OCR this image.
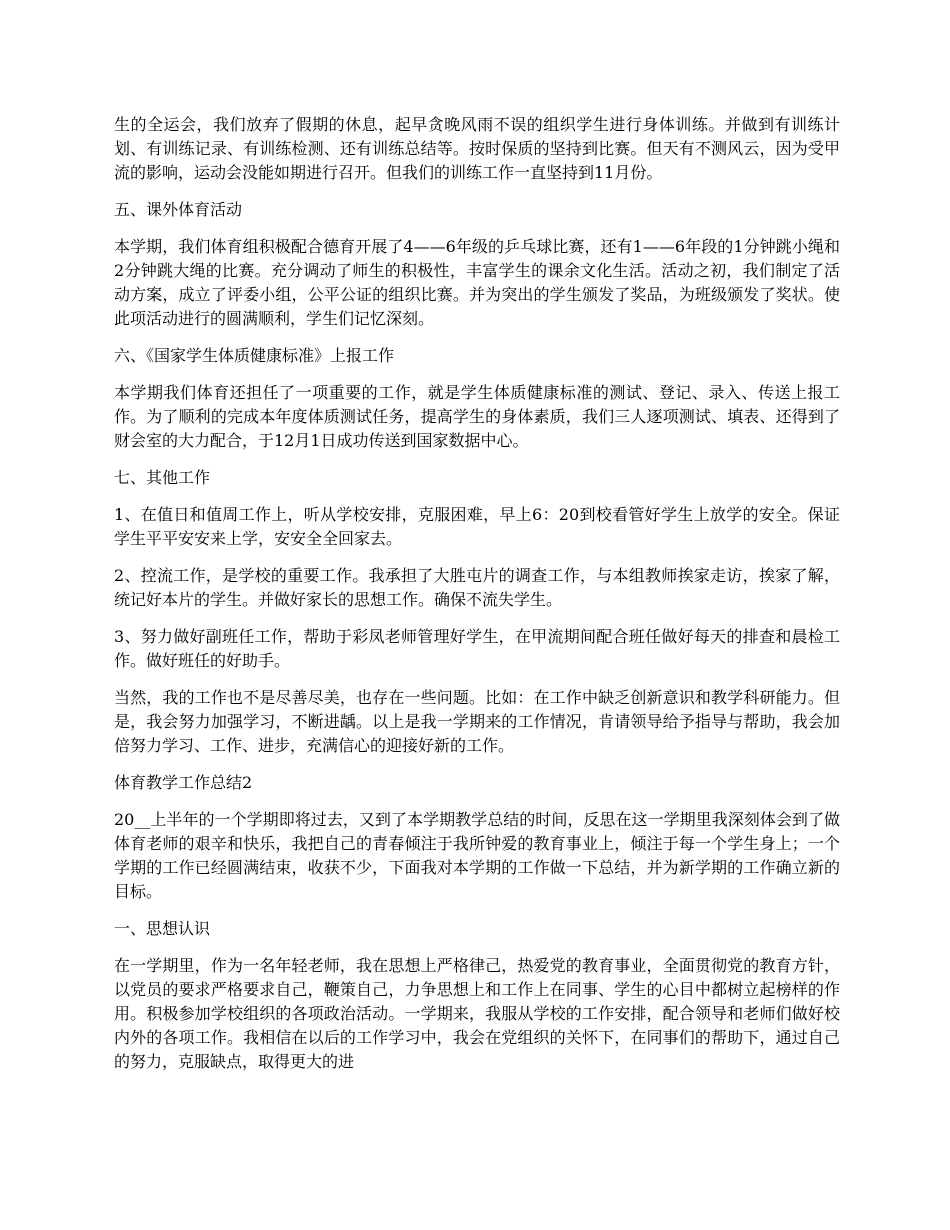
生的全运会，我们放弃了假期的休息，起早贪晚风雨不误的组织学生进行身体训练。并做到有训练计划、有训练记录、有训练检测、还有训练总结等。按时保质的坚持到比赛。但天有不测风云，因为受甲流的影响，运动会没能如期进行召开。但我们的训练工作一直坚持到11月份。

五、课外体育活动

本学期，我们体育组积极配合德育开展了4——6年级的乒乓球比赛，还有1——6年段的1分钟跳小绳和2分钟跳大绳的比赛。充分调动了师生的积极性，丰富学生的课余文化生活。活动之初，我们制定了活动方案，成立了评委小组，公平公证的组织比赛。并为突出的学生颁发了奖品，为班级颁发了奖状。使此项活动进行的圆满顺利，学生们记忆深刻。

六、《国家学生体质健康标准》上报工作

本学期我们体育还担任了一项重要的工作，就是学生体质健康标准的测试、登记、录入、传送上报工作。为了顺利的完成本年度体质测试任务，提高学生的身体素质，我们三人逐项测试、填表、还得到了财会室的大力配合，于12月1日成功传送到国家数据中心。

七、其他工作

1、在值日和值周工作上，听从学校安排，克服困难，早上6：20到校看管好学生上放学的安全。保证学生平平安安来上学，安安全全回家去。

2、控流工作，是学校的重要工作。我承担了大胜屯片的调查工作，与本组教师挨家走访，挨家了解，统记好本片的学生。并做好家长的思想工作。确保不流失学生。

3、努力做好副班任工作，帮助于彩凤老师管理好学生，在甲流期间配合班任做好每天的排查和晨检工作。做好班任的好助手。

当然，我的工作也不是尽善尽美，也存在一些问题。比如：在工作中缺乏创新意识和教学科研能力。但是，我会努力加强学习，不断进龋。以上是我一学期来的工作情况，肯请领导给予指导与帮助，我会加倍努力学习、工作、进步，充满信心的迎接好新的工作。

体育教学工作总结2

20__上半年的一个学期即将过去，又到了本学期教学总结的时间，反思在这一学期里我深刻体会到了做体育老师的艰辛和快乐，我把自己的青春倾注于我所钟爱的教育事业上，倾注于每一个学生身上；一个学期的工作已经圆满结束，收获不少，下面我对本学期的工作做一下总结，并为新学期的工作确立新的目标。

一、思想认识

在一学期里，作为一名年轻老师，我在思想上严格律己，热爱党的教育事业，全面贯彻党的教育方针，以党员的要求严格要求自己，鞭策自己，力争思想上和工作上在同事、学生的心目中都树立起榜样的作用。积极参加学校组织的各项政治活动。一学期来，我服从学校的工作安排，配合领导和老师们做好校内外的各项工作。我相信在以后的工作学习中，我会在党组织的关怀下，在同事们的帮助下，通过自己的努力，克服缺点，取得更大的进
